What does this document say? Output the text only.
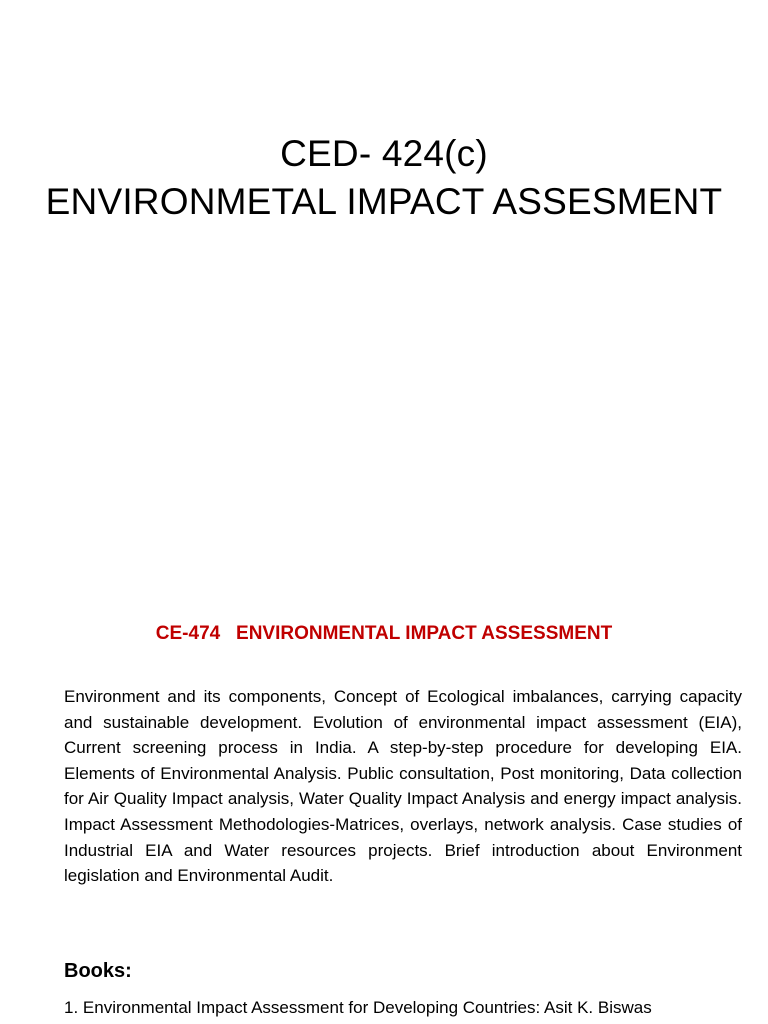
CED- 424(c)
ENVIRONMETAL IMPACT ASSESMENT
CE-474   ENVIRONMENTAL IMPACT ASSESSMENT

Environment and its components, Concept of Ecological imbalances, carrying capacity and sustainable development. Evolution of environmental impact assessment (EIA), Current screening process in India. A step-by-step procedure for developing EIA. Elements of Environmental Analysis. Public consultation, Post monitoring, Data collection for Air Quality Impact analysis, Water Quality Impact Analysis and energy impact analysis. Impact Assessment Methodologies-Matrices, overlays, network analysis. Case studies of Industrial EIA and Water resources projects. Brief introduction about Environment legislation and Environmental Audit.

Books:
1. Environmental Impact Assessment for Developing Countries: Asit K. Biswas
